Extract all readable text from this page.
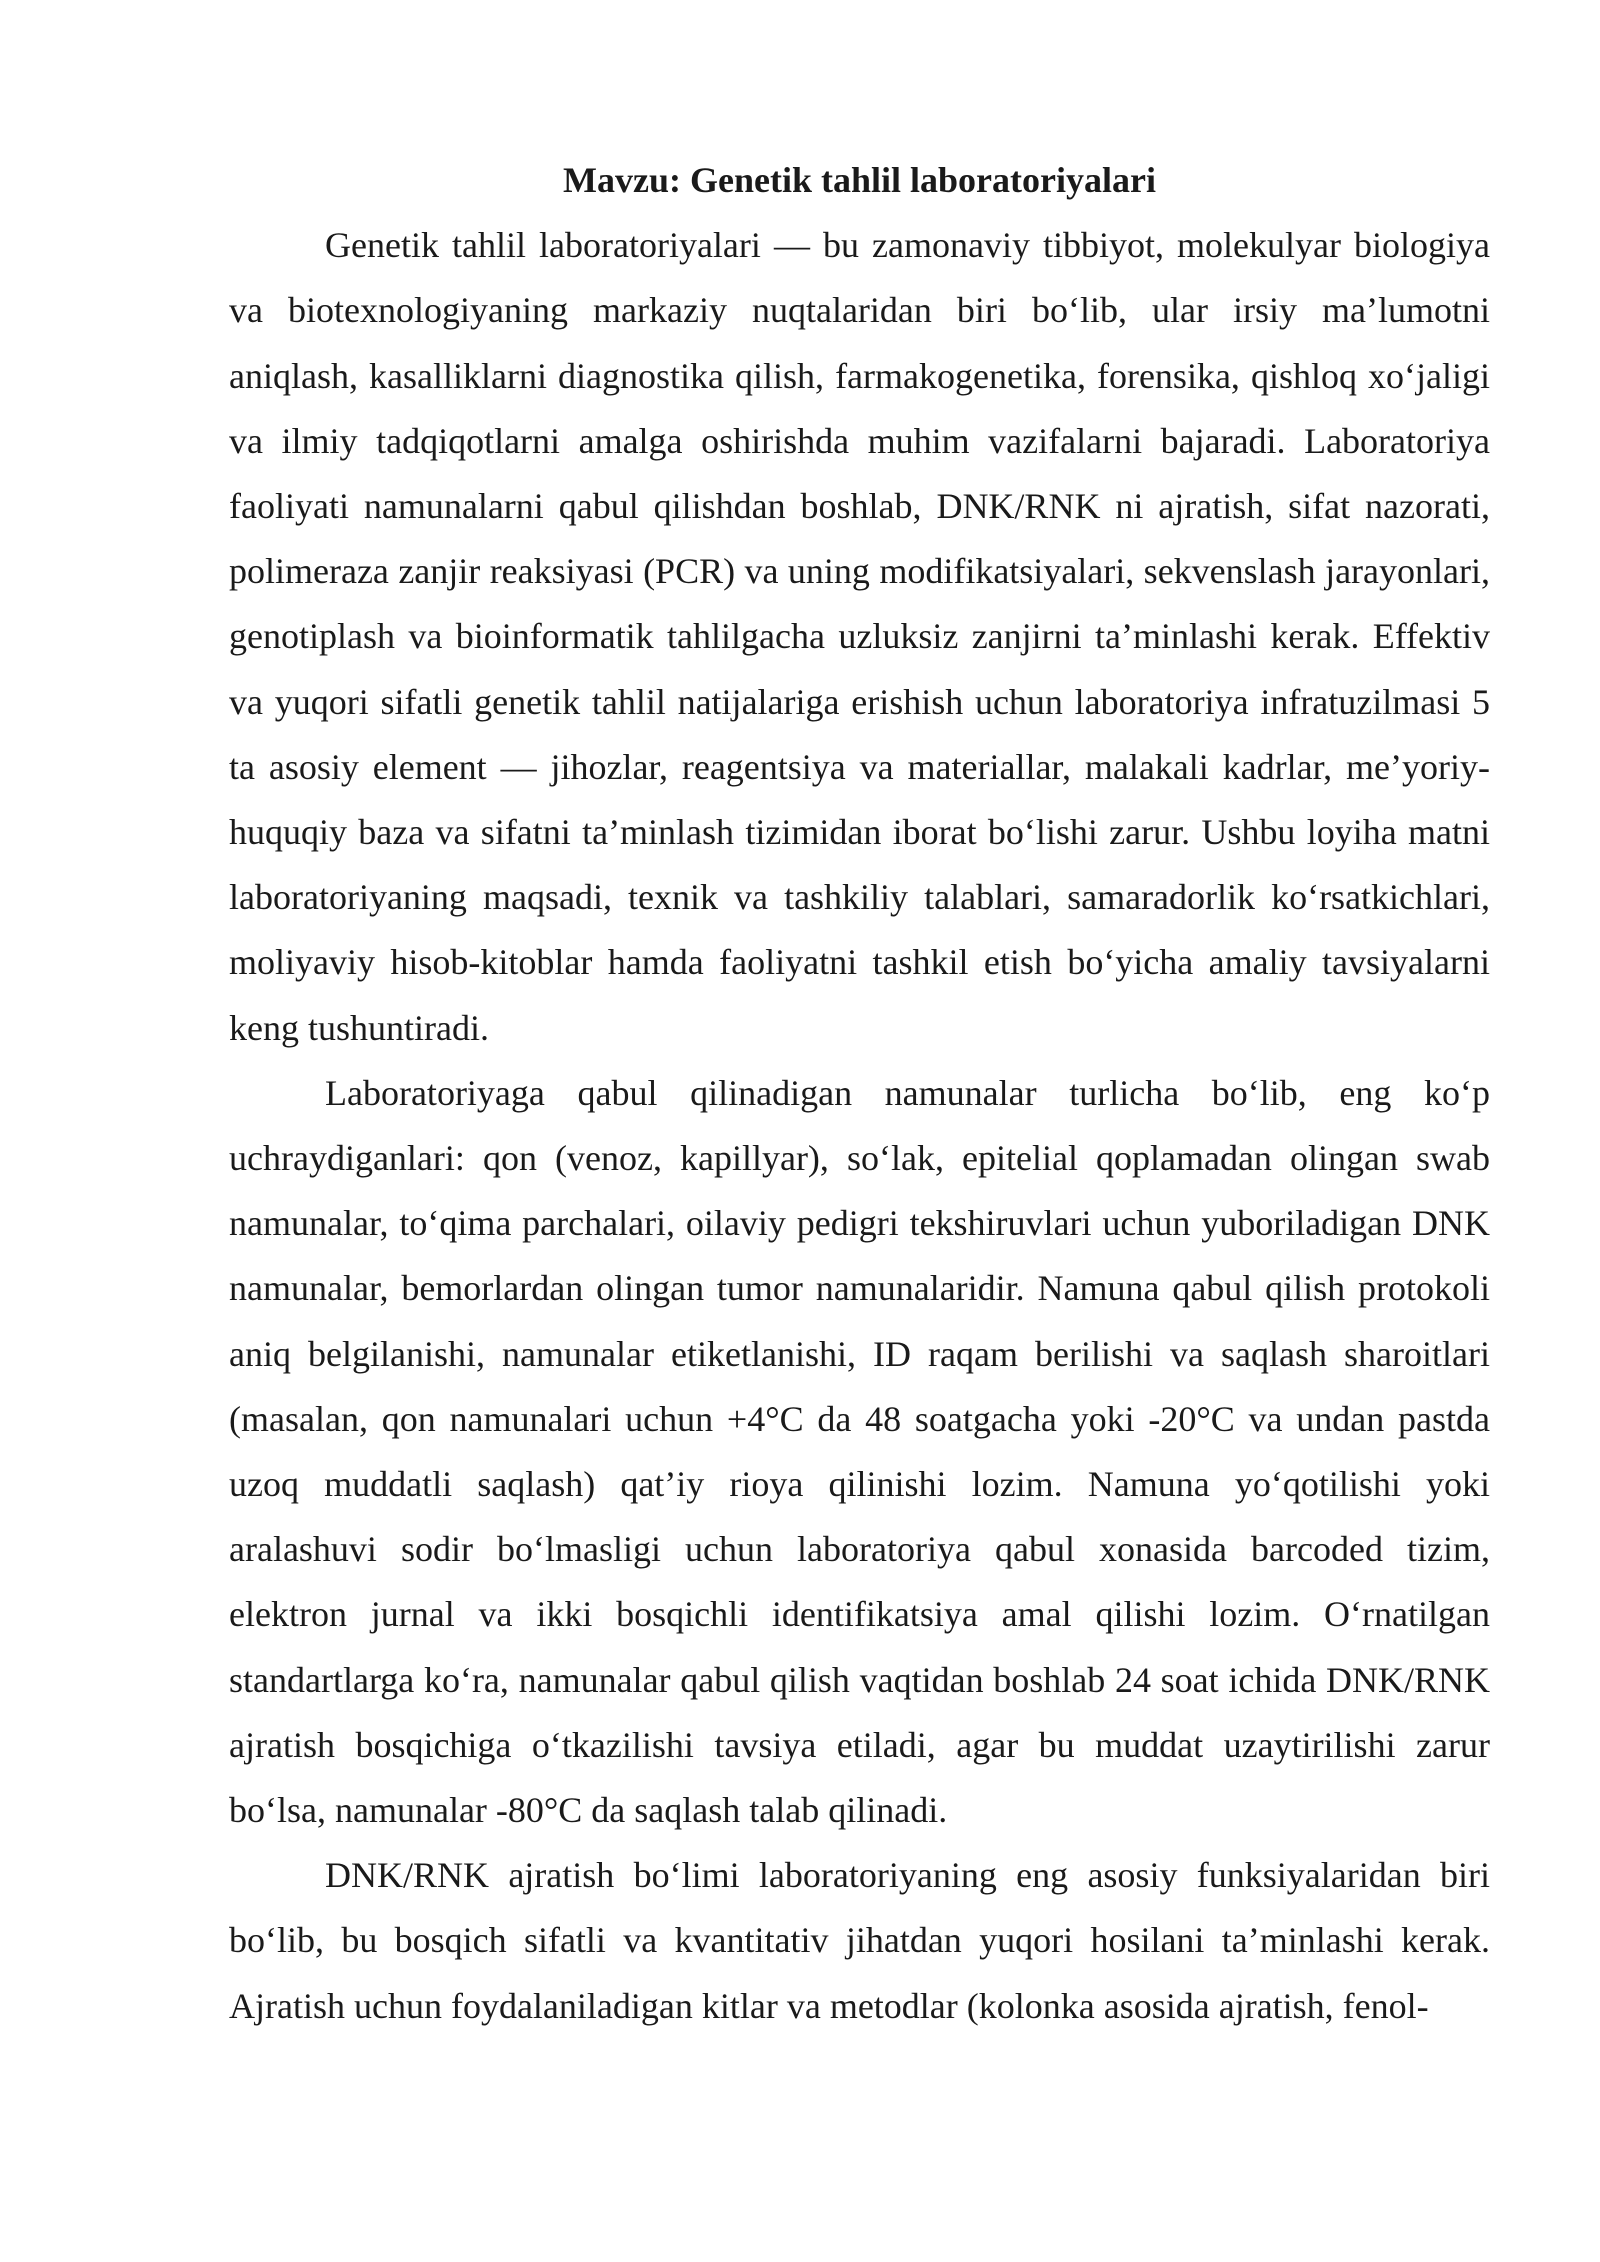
Mavzu: Genetik tahlil laboratoriyalari

Genetik tahlil laboratoriyalari — bu zamonaviy tibbiyot, molekulyar biologiya va biotexnologiyaning markaziy nuqtalaridan biri bo‘lib, ular irsiy ma’lumotni aniqlash, kasalliklarni diagnostika qilish, farmakogenetika, forensika, qishloq xo‘jaligi va ilmiy tadqiqotlarni amalga oshirishda muhim vazifalarni bajaradi. Laboratoriya faoliyati namunalarni qabul qilishdan boshlab, DNK/RNK ni ajratish, sifat nazorati, polimeraza zanjir reaksiyasi (PCR) va uning modifikatsiyalari, sekvenslash jarayonlari, genotiplash va bioinformatik tahlilgacha uzluksiz zanjirni ta’minlashi kerak. Effektiv va yuqori sifatli genetik tahlil natijalariga erishish uchun laboratoriya infratuzilmasi 5 ta asosiy element — jihozlar, reagentsiya va materiallar, malakali kadrlar, me’yoriy-huquqiy baza va sifatni ta’minlash tizimidan iborat bo‘lishi zarur. Ushbu loyiha matni laboratoriyaning maqsadi, texnik va tashkiliy talablari, samaradorlik ko‘rsatkichlari, moliyaviy hisob-kitoblar hamda faoliyatni tashkil etish bo‘yicha amaliy tavsiyalarni keng tushuntiradi.

Laboratoriyaga qabul qilinadigan namunalar turlicha bo‘lib, eng ko‘p uchraydiganlari: qon (venoz, kapillyar), so‘lak, epitelial qoplamadan olingan swab namunalar, to‘qima parchalari, oilaviy pedigri tekshiruvlari uchun yuboriladigan DNK namunalar, bemorlardan olingan tumor namunalaridir. Namuna qabul qilish protokoli aniq belgilanishi, namunalar etiketlanishi, ID raqam berilishi va saqlash sharoitlari (masalan, qon namunalari uchun +4°C da 48 soatgacha yoki -20°C va undan pastda uzoq muddatli saqlash) qat’iy rioya qilinishi lozim. Namuna yo‘qotilishi yoki aralashuvi sodir bo‘lmasligi uchun laboratoriya qabul xonasida barcoded tizim, elektron jurnal va ikki bosqichli identifikatsiya amal qilishi lozim. O‘rnatilgan standartlarga ko‘ra, namunalar qabul qilish vaqtidan boshlab 24 soat ichida DNK/RNK ajratish bosqichiga o‘tkazilishi tavsiya etiladi, agar bu muddat uzaytirilishi zarur bo‘lsa, namunalar -80°C da saqlash talab qilinadi.

DNK/RNK ajratish bo‘limi laboratoriyaning eng asosiy funksiyalaridan biri bo‘lib, bu bosqich sifatli va kvantitativ jihatdan yuqori hosilani ta’minlashi kerak. Ajratish uchun foydalaniladigan kitlar va metodlar (kolonka asosida ajratish, fenol-
